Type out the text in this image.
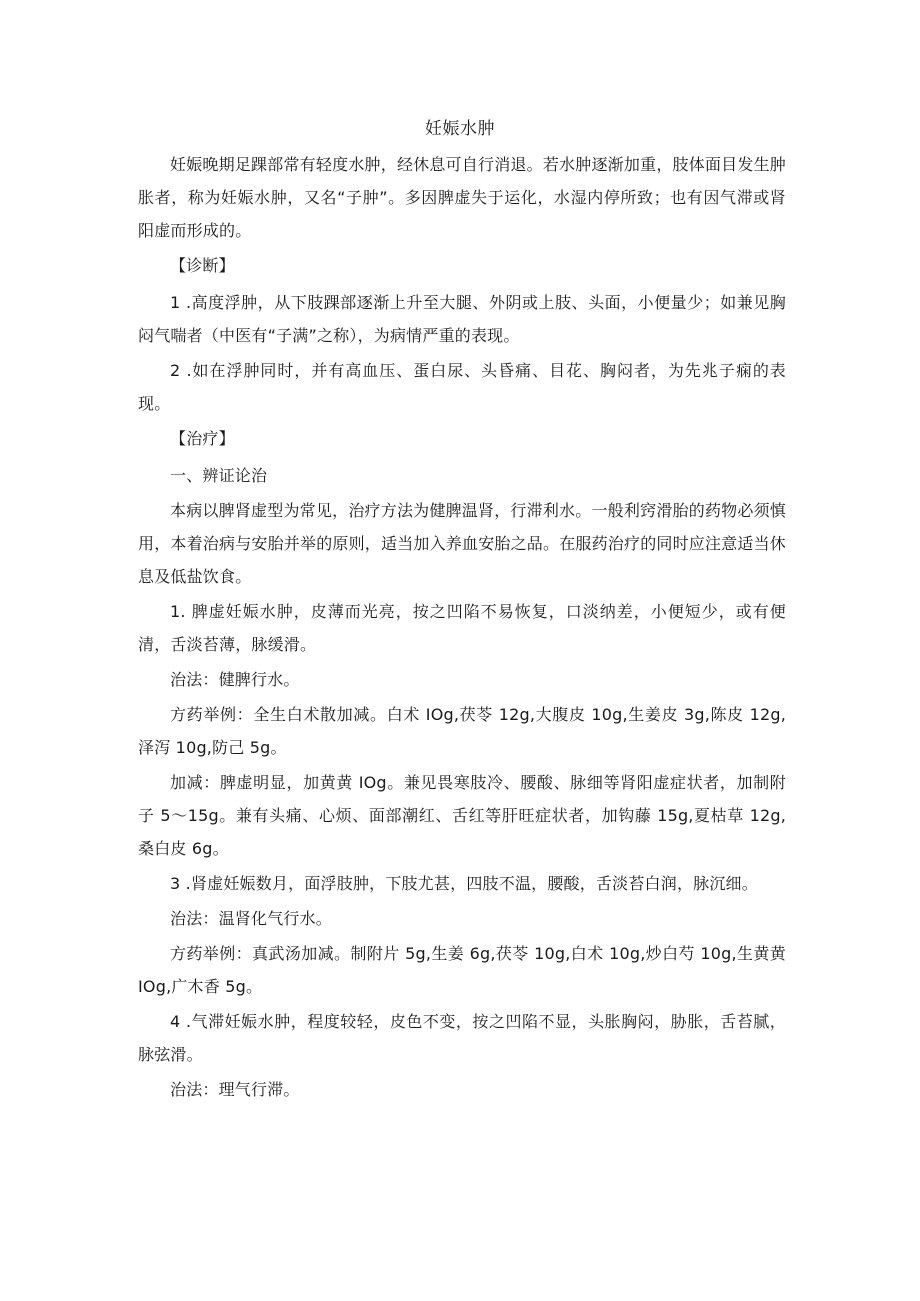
妊娠水肿

妊娠晚期足踝部常有轻度水肿，经休息可自行消退。若水肿逐渐加重，肢体面目发生肿胀者，称为妊娠水肿，又名“子肿”。多因脾虚失于运化，水湿内停所致；也有因气滞或肾阳虚而形成的。

【诊断】

1 .高度浮肿，从下肢踝部逐渐上升至大腿、外阴或上肢、头面，小便量少；如兼见胸闷气喘者（中医有“子满”之称），为病情严重的表现。

2 .如在浮肿同时，并有高血压、蛋白尿、头昏痛、目花、胸闷者，为先兆子痫的表现。

【治疗】

一、辨证论治

本病以脾肾虚型为常见，治疗方法为健脾温肾，行滞利水。一般利窍滑胎的药物必须慎用，本着治病与安胎并举的原则，适当加入养血安胎之品。在服药治疗的同时应注意适当休息及低盐饮食。

1. 脾虚妊娠水肿，皮薄而光亮，按之凹陷不易恢复，口淡纳差，小便短少，或有便清，舌淡苔薄，脉缓滑。

治法：健脾行水。

方药举例：全生白术散加减。白术 IOg,茯苓 12g,大腹皮 10g,生姜皮 3g,陈皮 12g,泽泻 10g,防己 5g。

加减：脾虚明显，加黄黄 IOg。兼见畏寒肢冷、腰酸、脉细等肾阳虚症状者，加制附子 5～15g。兼有头痛、心烦、面部潮红、舌红等肝旺症状者，加钩藤 15g,夏枯草 12g,桑白皮 6g。

3 .肾虚妊娠数月，面浮肢肿，下肢尤甚，四肢不温，腰酸，舌淡苔白润，脉沉细。

治法：温肾化气行水。

方药举例：真武汤加减。制附片 5g,生姜 6g,茯苓 10g,白术 10g,炒白芍 10g,生黄黄 IOg,广木香 5g。

4 .气滞妊娠水肿，程度较轻，皮色不变，按之凹陷不显，头胀胸闷，胁胀，舌苔腻，脉弦滑。

治法：理气行滞。
